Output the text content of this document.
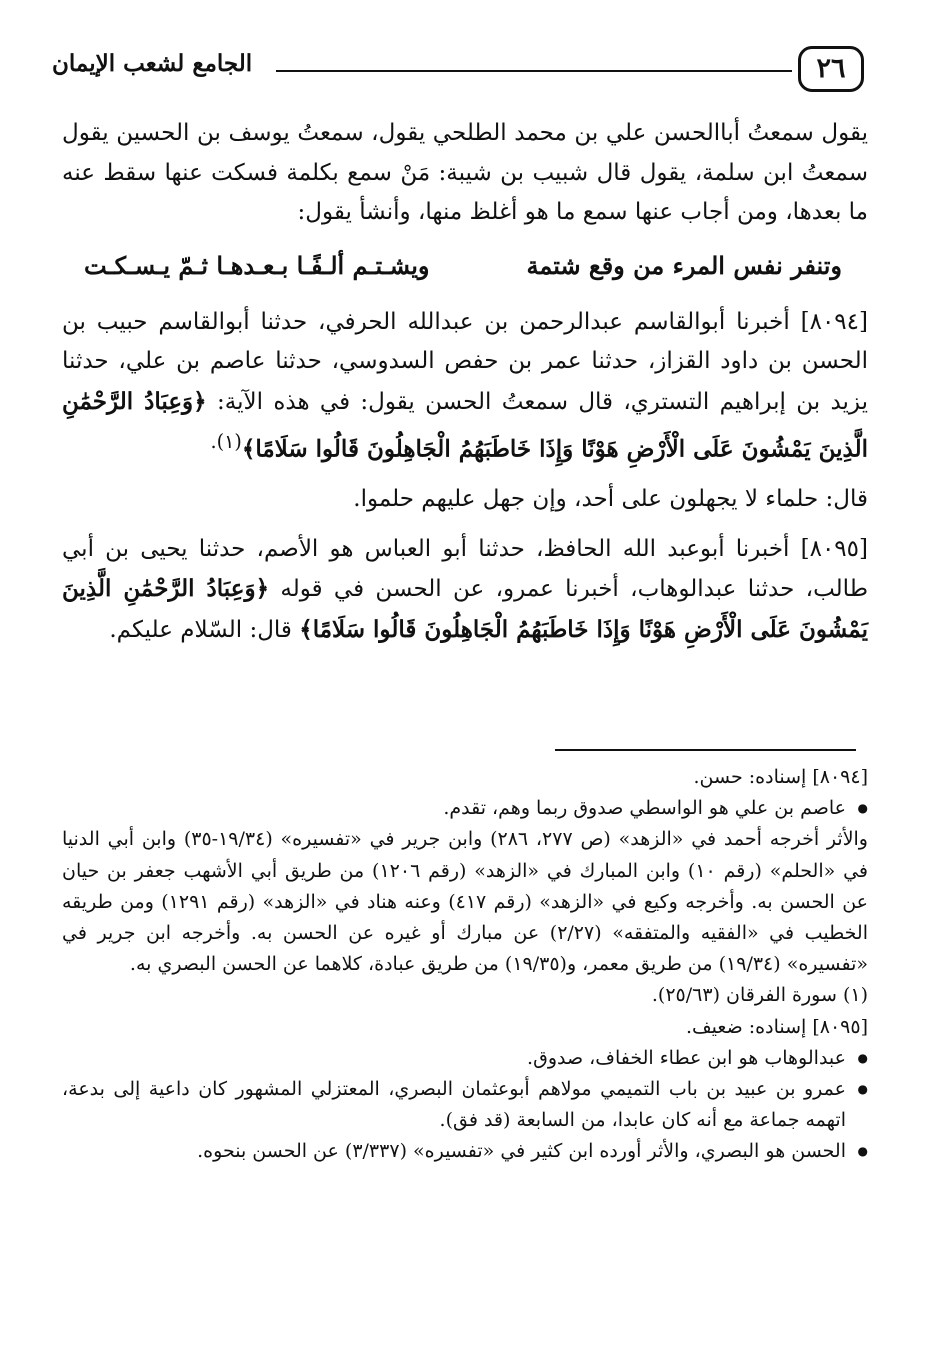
٢٦
الجامع لشعب الإيمان

يقول سمعتُ أباالحسن علي بن محمد الطلحي يقول، سمعتُ يوسف بن الحسين يقول سمعتُ ابن سلمة، يقول قال شبيب بن شيبة: مَنْ سمع بكلمة فسكت عنها سقط عنه ما بعدها، ومن أجاب عنها سمع ما هو أغلظ منها، وأنشأ يقول:

وتنفر نفس المرء من وقع شتمة
ويشـتـم ألـفًـا بـعـدهـا ثـمّ يـسـكـت

[٨٠٩٤] أخبرنا أبوالقاسم عبدالرحمن بن عبدالله الحرفي، حدثنا أبوالقاسم حبيب بن الحسن بن داود القزاز، حدثنا عمر بن حفص السدوسي، حدثنا عاصم بن علي، حدثنا يزيد بن إبراهيم التستري، قال سمعتُ الحسن يقول: في هذه الآية: ﴿وَعِبَادُ الرَّحْمَٰنِ الَّذِينَ يَمْشُونَ عَلَى الْأَرْضِ هَوْنًا وَإِذَا خَاطَبَهُمُ الْجَاهِلُونَ قَالُوا سَلَامًا﴾$^{(١).}$

قال: حلماء لا يجهلون على أحد، وإن جهل عليهم حلموا.

[٨٠٩٥] أخبرنا أبوعبد الله الحافظ، حدثنا أبو العباس هو الأصم، حدثنا يحيى بن أبي طالب، حدثنا عبدالوهاب، أخبرنا عمرو، عن الحسن في قوله ﴿وَعِبَادُ الرَّحْمَٰنِ الَّذِينَ يَمْشُونَ عَلَى الْأَرْضِ هَوْنًا وَإِذَا خَاطَبَهُمُ الْجَاهِلُونَ قَالُوا سَلَامًا﴾ قال: السّلام عليكم.

[٨٠٩٤] إسناده: حسن.

● عاصم بن علي هو الواسطي صدوق ربما وهم، تقدم.

والأثر أخرجه أحمد في «الزهد» (ص ٢٧٧، ٢٨٦) وابن جرير في «تفسيره» (١٩/٣٤-٣٥) وابن أبي الدنيا في «الحلم» (رقم ١٠) وابن المبارك في «الزهد» (رقم ١٢٠٦) من طريق أبي الأشهب جعفر بن حيان عن الحسن به. وأخرجه وكيع في «الزهد» (رقم ٤١٧) وعنه هناد في «الزهد» (رقم ١٢٩١) ومن طريقه الخطيب في «الفقيه والمتفقه» (٢/٢٧) عن مبارك أو غيره عن الحسن به. وأخرجه ابن جرير في «تفسيره» (١٩/٣٤) من طريق معمر، و(١٩/٣٥) من طريق عبادة، كلاهما عن الحسن البصري به.

(١) سورة الفرقان (٢٥/٦٣).

[٨٠٩٥] إسناده: ضعيف.

● عبدالوهاب هو ابن عطاء الخفاف، صدوق.

● عمرو بن عبيد بن باب التميمي مولاهم أبوعثمان البصري، المعتزلي المشهور كان داعية إلى بدعة، اتهمه جماعة مع أنه كان عابدا، من السابعة (قد فق).

● الحسن هو البصري، والأثر أورده ابن كثير في «تفسيره» (٣/٣٣٧) عن الحسن بنحوه.
